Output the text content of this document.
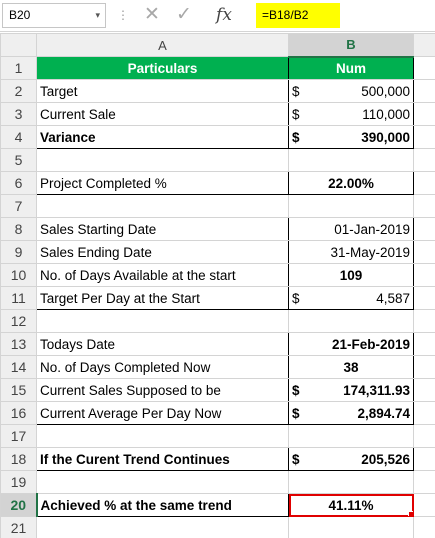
B20	▾ ⋮ ✕ ✓ fx	=B18/B2
	A	B	
1	Particulars	Num	
2	Target	$ 500,000	

3	Current Sale	$ 110,000	

4	Variance	$ 390,000	

5			
6	Project Completed %	22.00%	
7			
8	Sales Starting Date	01-Jan-2019	
9	Sales Ending Date	31-May-2019	
10	No. of Days Available at the start	109	
11	Target Per Day at the Start	$ 4,587	

12			
13	Todays Date	21-Feb-2019	
14	No. of Days Completed Now	38	
15	Current Sales Supposed to be	$ 174,311.93	

16	Current Average Per Day Now	$ 2,894.74	

17			
18	If the Curent Trend Continues	$ 205,526	

19			
20	Achieved % at the same trend	41.11%

21			
